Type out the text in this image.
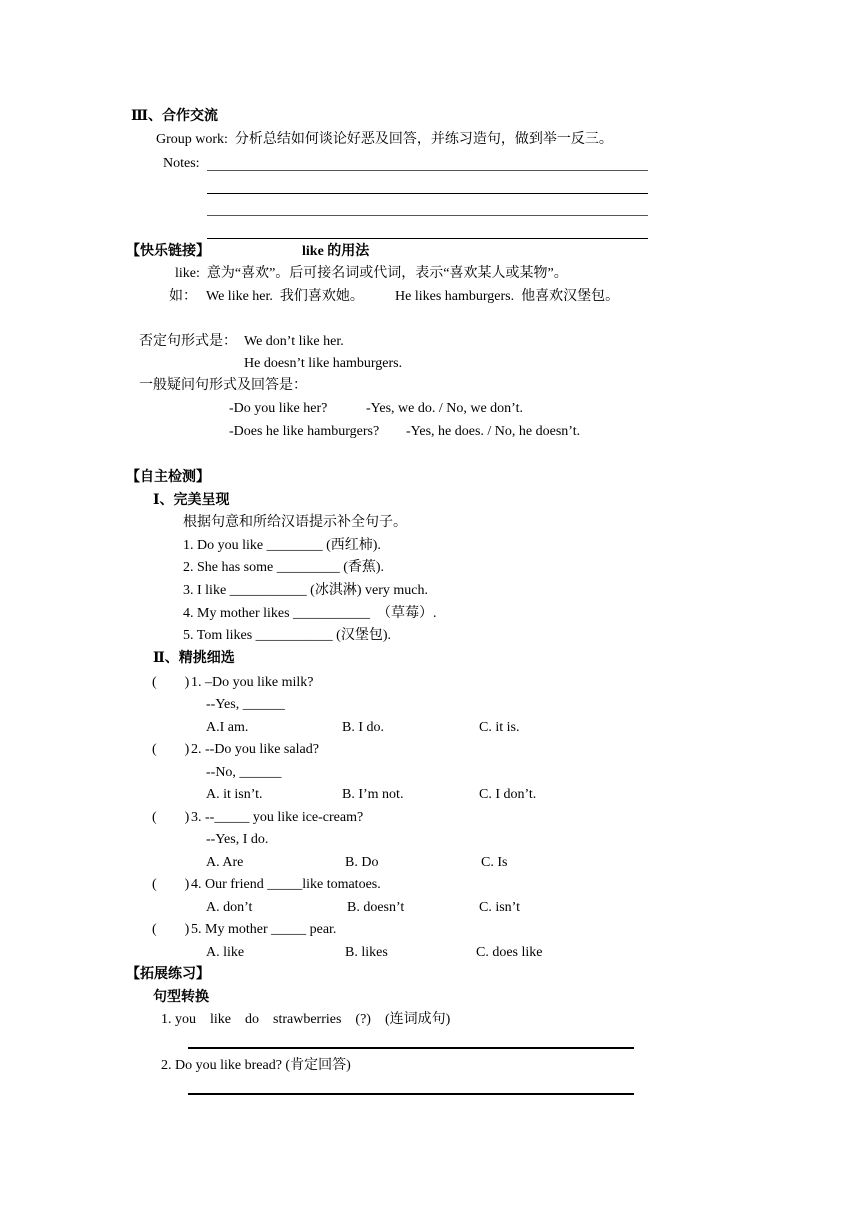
Ⅲ、合作交流
Group work:  分析总结如何谈论好恶及回答，并练习造句，做到举一反三。
Notes:
【快乐链接】	like 的用法
like:  意为“喜欢”。后可接名词或代词，表示“喜欢某人或某物”。
如： We like her.  我们喜欢她。 He likes hamburgers.  他喜欢汉堡包。
否定句形式是： We don’t like her.
He doesn’t like hamburgers.
一般疑问句形式及回答是：
-Do you like her?	-Yes, we do. / No, we don’t.
-Does he like hamburgers? -Yes, he does. / No, he doesn’t.
【自主检测】
Ⅰ、完美呈现
根据句意和所给汉语提示补全句子。
1. Do you like ________ (西红柿).
2. She has some _________ (香蕉).
3. I like ___________ (冰淇淋) very much.
4. My mother likes ___________  （草莓）.
5. Tom likes ___________ (汉堡包).
Ⅱ、精挑细选
(        ) 1. –Do you like milk?
--Yes, ______
A.I am.	B. I do.	C. it is.
(        ) 2. --Do you like salad?
--No, ______
A. it isn’t.	B. I’m not.	C. I don’t.
(        ) 3. --_____ you like ice-cream?
--Yes, I do.
A. Are	B. Do	C. Is
(        ) 4. Our friend _____like tomatoes.
A. don’t	B. doesn’t	C. isn’t
(        ) 5. My mother _____ pear.
A. like	B. likes	C. does like
【拓展练习】
句型转换
1. you    like    do    strawberries    (?)    (连词成句)
2. Do you like bread? (肯定回答)
